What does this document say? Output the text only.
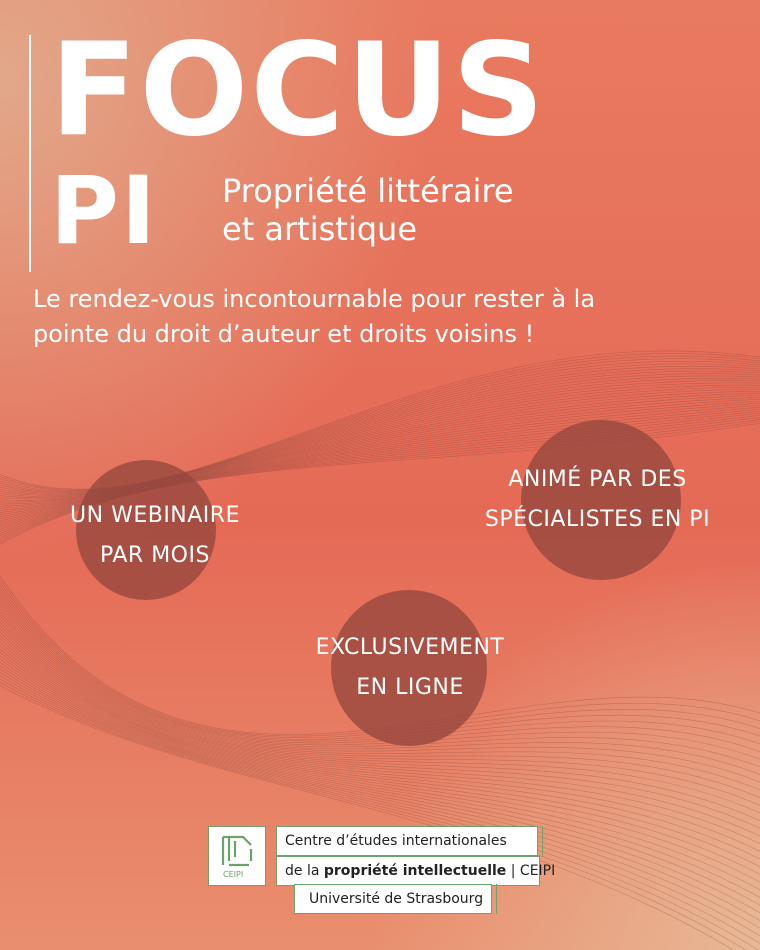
FOCUS
PI Propriété littéraire
et artistique
Le rendez-vous incontournable pour rester à la
pointe du droit d’auteur et droits voisins !
UN WEBINAIRE
PAR MOIS
ANIMÉ PAR DES
SPÉCIALISTES EN PI
EXCLUSIVEMENT
EN LIGNE
CEIPI
Centre d’études internationales
de la propriété intellectuelle | CEIPI
Université de Strasbourg
